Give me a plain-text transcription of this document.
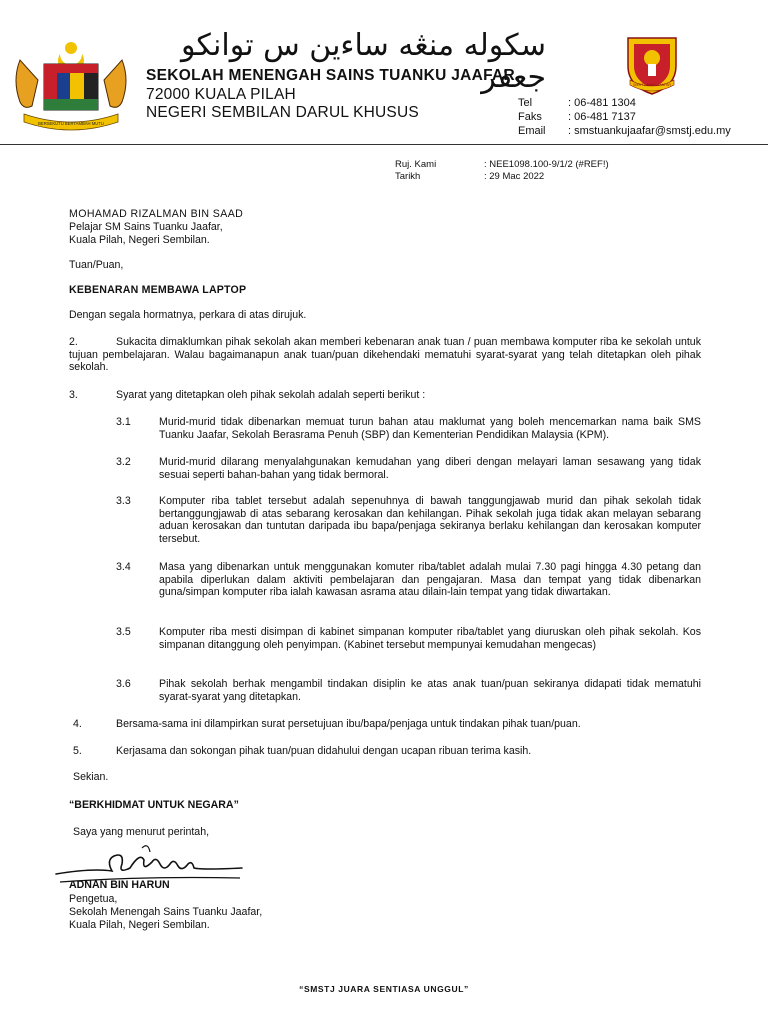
BERSEKUTU BERTAMBAH MUTU
سكوله منڠه ساءين س توانكو جعفر
SEKOLAH MENENGAH SAINS TUANKU JAAFAR
72000 KUALA PILAH
NEGERI SEMBILAN DARUL KHUSUS
Tel	: 06-481 1304
Faks : 06-481 7137
Email : smstuankujaafar@smstj.edu.my
SMS TUANKU JAAFAR
Ruj. Kami	: NEE1098.100-9/1/2 (#REF!)
Tarikh	: 29 Mac 2022
MOHAMAD RIZALMAN BIN SAAD
Pelajar SM Sains Tuanku Jaafar,
Kuala Pilah, Negeri Sembilan.
Tuan/Puan,
KEBENARAN MEMBAWA LAPTOP
Dengan segala hormatnya, perkara di atas dirujuk.
2.	Sukacita dimaklumkan pihak sekolah akan memberi kebenaran anak tuan / puan membawa komputer riba ke sekolah untuk tujuan pembelajaran. Walau bagaimanapun anak tuan/puan dikehendaki mematuhi syarat-syarat yang telah ditetapkan oleh pihak sekolah.
3.	Syarat yang ditetapkan oleh pihak sekolah adalah seperti berikut :
3.1	Murid-murid tidak dibenarkan memuat turun bahan atau maklumat yang boleh mencemarkan nama baik SMS Tuanku Jaafar, Sekolah Berasrama Penuh (SBP) dan Kementerian Pendidikan Malaysia (KPM).
3.2	Murid-murid dilarang menyalahgunakan kemudahan yang diberi dengan melayari laman sesawang yang tidak sesuai seperti bahan-bahan yang tidak bermoral.
3.3	Komputer riba tablet tersebut adalah sepenuhnya di bawah tanggungjawab murid dan pihak sekolah tidak bertanggungjawab di atas sebarang kerosakan dan kehilangan. Pihak sekolah juga tidak akan melayan sebarang aduan kerosakan dan tuntutan daripada ibu bapa/penjaga sekiranya berlaku kehilangan dan kerosakan komputer tersebut.
3.4	Masa yang dibenarkan untuk menggunakan komuter riba/tablet adalah mulai 7.30 pagi hingga 4.30 petang dan apabila diperlukan dalam aktiviti pembelajaran dan pengajaran. Masa dan tempat yang tidak dibenarkan guna/simpan komputer riba ialah kawasan asrama atau dilain-lain tempat yang tidak diwartakan.
3.5	Komputer riba mesti disimpan di kabinet simpanan komputer riba/tablet yang diuruskan oleh pihak sekolah. Kos simpanan ditanggung oleh penyimpan. (Kabinet tersebut mempunyai kemudahan mengecas)
3.6	Pihak sekolah berhak mengambil tindakan disiplin ke atas anak tuan/puan sekiranya didapati tidak mematuhi syarat-syarat yang ditetapkan.
4.	Bersama-sama ini dilampirkan surat persetujuan ibu/bapa/penjaga untuk tindakan pihak tuan/puan.
5.	Kerjasama dan sokongan pihak tuan/puan didahului dengan ucapan ribuan terima kasih.
Sekian.
“BERKHIDMAT UNTUK NEGARA”
Saya yang menurut perintah,
ADNAN BIN HARUN
Pengetua,
Sekolah Menengah Sains Tuanku Jaafar,
Kuala Pilah, Negeri Sembilan.
“SMSTJ JUARA SENTIASA UNGGUL”
